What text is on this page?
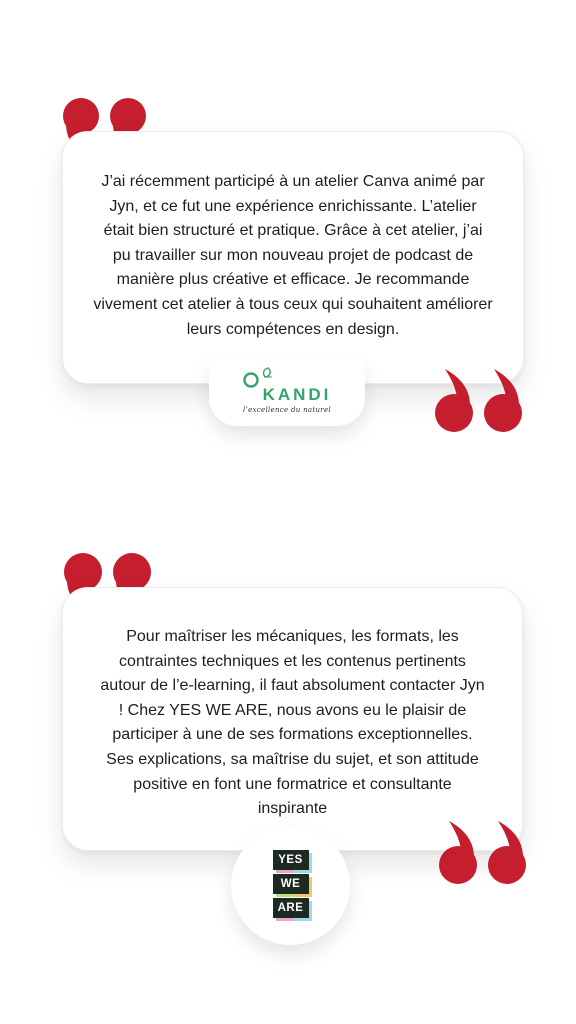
J’ai récemment participé à un atelier Canva animé par Jyn, et ce fut une expérience enrichissante. L’atelier était bien structuré et pratique. Grâce à cet atelier, j’ai pu travailler sur mon nouveau projet de podcast de manière plus créative et efficace. Je recommande vivement cet atelier à tous ceux qui souhaitent améliorer leurs compétences en design.

KANDI
l’excellence du naturel

Pour maîtriser les mécaniques, les formats, les contraintes techniques et les contenus pertinents autour de l’e-learning, il faut absolument contacter Jyn ! Chez YES WE ARE, nous avons eu le plaisir de participer à une de ses formations exceptionnelles. Ses explications, sa maîtrise du sujet, et son attitude positive en font une formatrice et consultante inspirante

YES
WE
ARE
